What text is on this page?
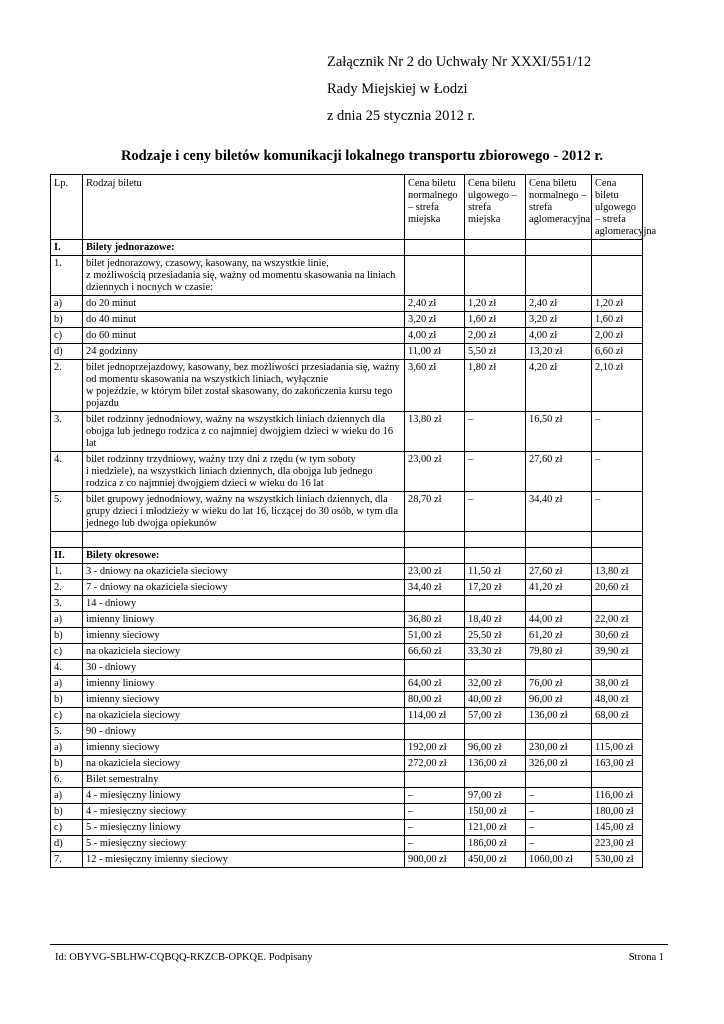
Załącznik Nr 2 do Uchwały Nr XXXI/551/12
Rady Miejskiej w Łodzi
z dnia 25 stycznia 2012 r.
Rodzaje i ceny biletów komunikacji lokalnego transportu zbiorowego - 2012 r.
Lp.	Rodzaj biletu	Cena biletu normalnego – strefa miejska	Cena biletu ulgowego – strefa miejska	Cena biletu normalnego – strefa aglomeracyjna	Cena biletu ulgowego – strefa aglomeracyjna
I.	Bilety jednorazowe:				
1.	bilet jednorazowy, czasowy, kasowany, na wszystkie linie,
z możliwością przesiadania się, ważny od momentu skasowania na liniach dziennych i nocnych w czasie:				
a)	do 20 minut	2,40 zł	1,20 zł	2,40 zł	1,20 zł
b)	do 40 minut	3,20 zł	1,60 zł	3,20 zł	1,60 zł
c)	do 60 minut	4,00 zł	2,00 zł	4,00 zł	2,00 zł
d)	24 godzinny	11,00 zł	5,50 zł	13,20 zł	6,60 zł
2.	bilet jednoprzejazdowy, kasowany, bez możliwości przesiadania się, ważny od momentu skasowania na wszystkich liniach, wyłącznie
w pojeździe, w którym bilet został skasowany, do zakończenia kursu tego pojazdu	3,60 zł	1,80 zł	4,20 zł	2,10 zł
3.	bilet rodzinny jednodniowy, ważny na wszystkich liniach dziennych dla obojga lub jednego rodzica z co najmniej dwojgiem dzieci w wieku do 16 lat	13,80 zł	–	16,50 zł	–
4.	bilet rodzinny trzydniowy, ważny trzy dni z rzędu (w tym soboty
i niedziele), na wszystkich liniach dziennych, dla obojga lub jednego rodzica z co najmniej dwojgiem dzieci w wieku do 16 lat	23,00 zł	–	27,60 zł	–
5.	bilet grupowy jednodniowy, ważny na wszystkich liniach dziennych, dla grupy dzieci i młodzieży w wieku do lat 16, liczącej do 30 osób, w tym dla jednego lub dwojga opiekunów	28,70 zł	–	34,40 zł	–

II.	Bilety okresowe:				
1.	3 - dniowy na okaziciela sieciowy	23,00 zł	11,50 zł	27,60 zł	13,80 zł
2.	7 - dniowy na okaziciela sieciowy	34,40 zł	17,20 zł	41,20 zł	20,60 zł
3.	14 - dniowy				
a)	imienny liniowy	36,80 zł	18,40 zł	44,00 zł	22,00 zł
b)	imienny sieciowy	51,00 zł	25,50 zł	61,20 zł	30,60 zł
c)	na okaziciela sieciowy	66,60 zł	33,30 zł	79,80 zł	39,90 zł
4.	30 - dniowy				
a)	imienny liniowy	64,00 zł	32,00 zł	76,00 zł	38,00 zł
b)	imienny sieciowy	80,00 zł	40,00 zł	96,00 zł	48,00 zł
c)	na okaziciela sieciowy	114,00 zł	57,00 zł	136,00 zł	68,00 zł
5.	90 - dniowy				
a)	imienny sieciowy	192,00 zł	96,00 zł	230,00 zł	115,00 zł
b)	na okaziciela sieciowy	272,00 zł	136,00 zł	326,00 zł	163,00 zł
6.	Bilet semestralny				
a)	4 - miesięczny liniowy	–	97,00 zł	–	116,00 zł
b)	4 - miesięczny sieciowy	–	150,00 zł	–	180,00 zł
c)	5 - miesięczny liniowy	–	121,00 zł	–	145,00 zł
d)	5 - miesięczny sieciowy	–	186,00 zł	–	223,00 zł
7.	12 - miesięczny imienny sieciowy	900,00 zł	450,00 zł	1060,00 zł	530,00 zł
Id: OBYVG-SBLHW-CQBQQ-RKZCB-OPKQE. Podpisany	Strona 1
